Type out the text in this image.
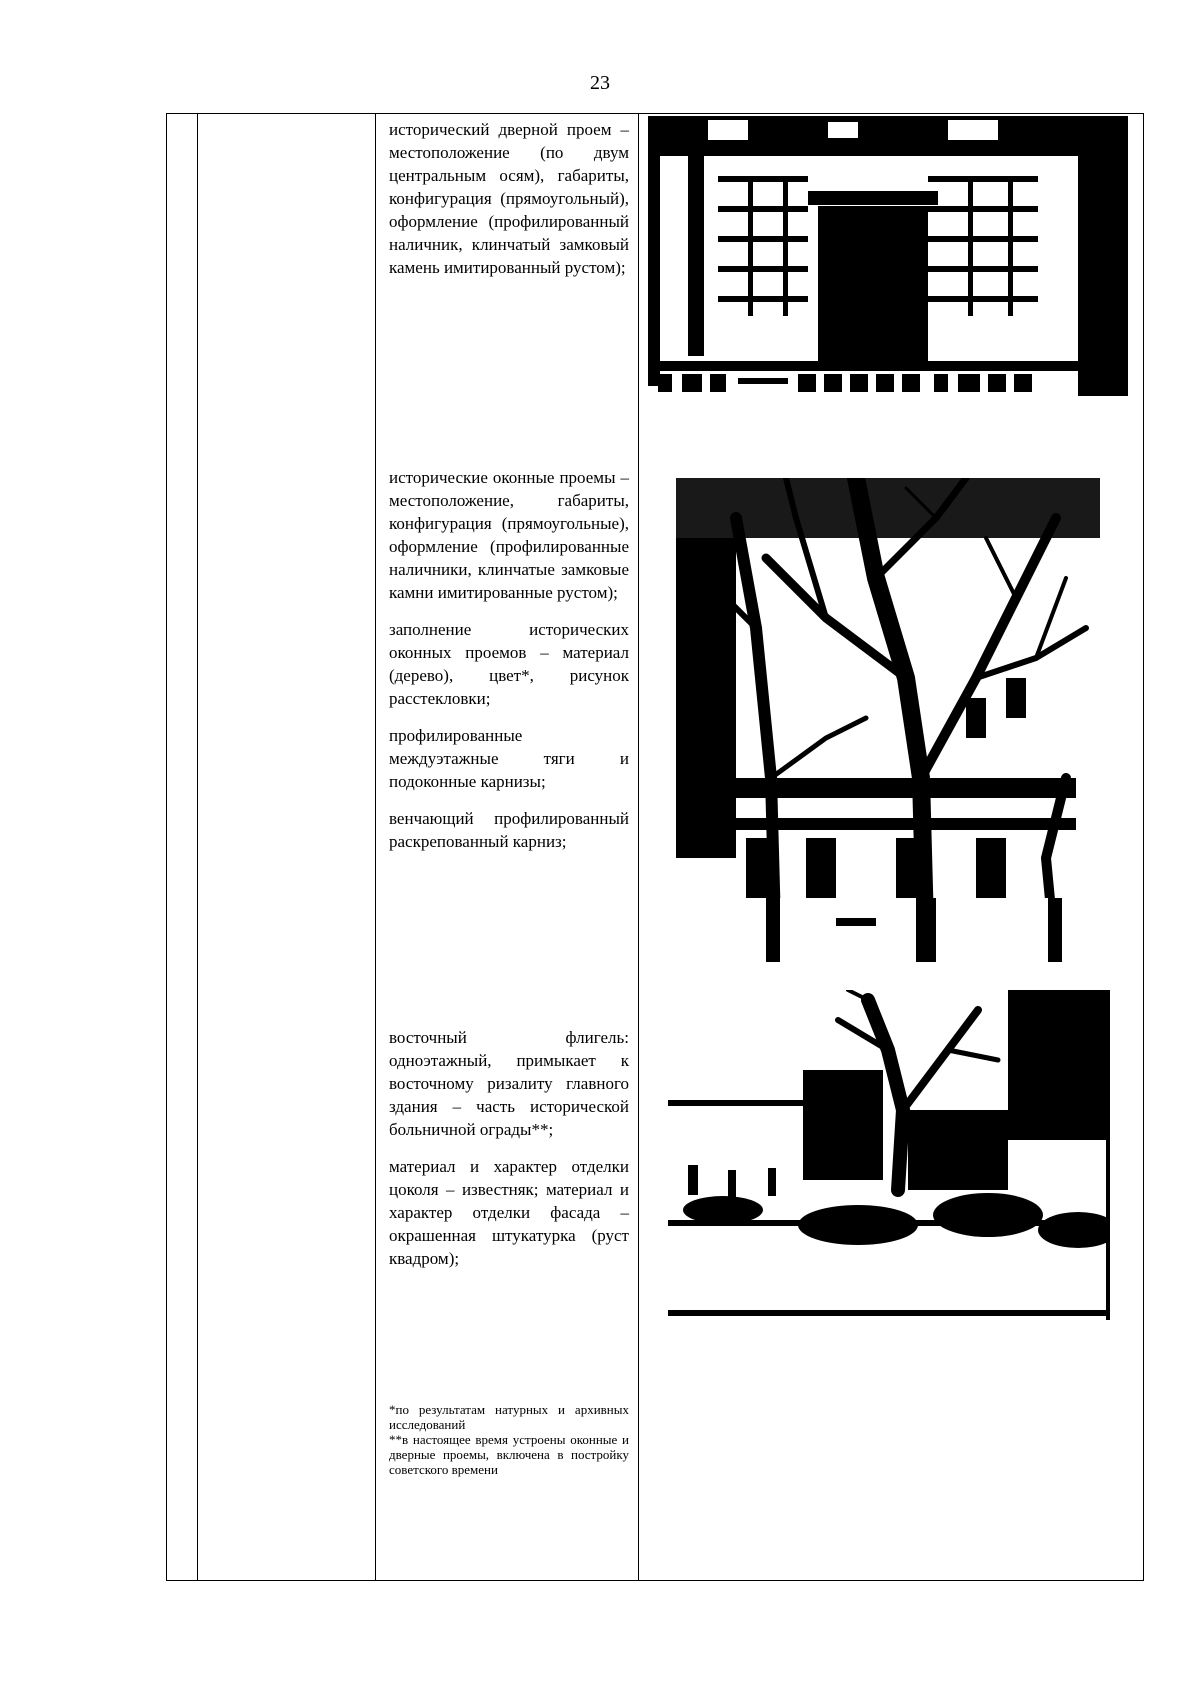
23

исторический дверной проем – местоположение (по двум центральным осям), габариты, конфигурация (прямоугольный), оформление (профилированный наличник, клинчатый замковый камень имитированный рустом);

исторические оконные проемы – местоположение, габариты, конфигурация (прямоугольные), оформление (профилированные наличники, клинчатые замковые камни имитированные рустом);

заполнение исторических оконных проемов – материал (дерево), цвет*, рисунок расстекловки;

профилированные междуэтажные тяги и подоконные карнизы;

венчающий профилированный раскрепованный карниз;

восточный флигель: одноэтажный, примыкает к восточному ризалиту главного здания – часть исторической больничной ограды**;

материал и характер отделки цоколя – известняк; материал и характер отделки фасада – окрашенная штукатурка (руст квадром);

*по результатам натурных и архивных исследований

**в настоящее время устроены оконные и дверные проемы, включена в постройку советского времени
